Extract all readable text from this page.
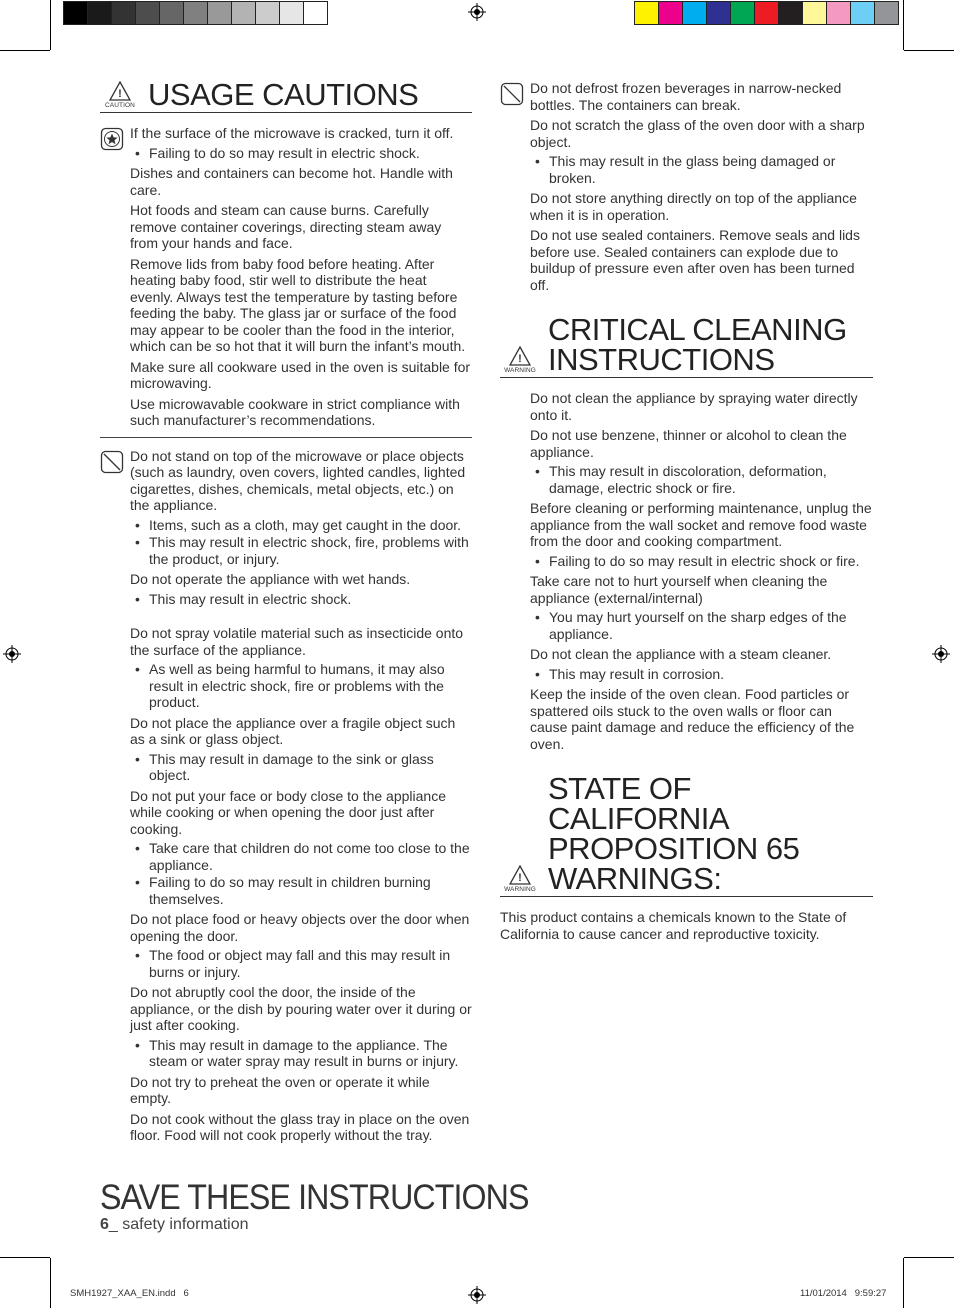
!
CAUTION USAGE CAUTIONS

If the surface of the microwave is cracked, turn it off.

• Failing to do so may result in electric shock.

Dishes and containers can become hot. Handle with care.

Hot foods and steam can cause burns. Carefully remove container coverings, directing steam away from your hands and face.

Remove lids from baby food before heating. After heating baby food, stir well to distribute the heat evenly. Always test the temperature by tasting before feeding the baby. The glass jar or surface of the food may appear to be cooler than the food in the interior, which can be so hot that it will burn the infant’s mouth.

Make sure all cookware used in the oven is suitable for microwaving.

Use microwavable cookware in strict compliance with such manufacturer’s recommendations.

Do not stand on top of the microwave or place objects (such as laundry, oven covers, lighted candles, lighted cigarettes, dishes, chemicals, metal objects, etc.) on the appliance.

• Items, such as a cloth, may get caught in the door.
• This may result in electric shock, fire, problems with the product, or injury.

Do not operate the appliance with wet hands.

• This may result in electric shock.

Do not spray volatile material such as insecticide onto the surface of the appliance.

• As well as being harmful to humans, it may also result in electric shock, fire or problems with the product.

Do not place the appliance over a fragile object such as a sink or glass object.

• This may result in damage to the sink or glass object.

Do not put your face or body close to the appliance while cooking or when opening the door just after cooking.

• Take care that children do not come too close to the appliance.
• Failing to do so may result in children burning themselves.

Do not place food or heavy objects over the door when opening the door.

• The food or object may fall and this may result in burns or injury.

Do not abruptly cool the door, the inside of the appliance, or the dish by pouring water over it during or just after cooking.

• This may result in damage to the appliance. The steam or water spray may result in burns or injury.

Do not try to preheat the oven or operate it while empty.

Do not cook without the glass tray in place on the oven floor. Food will not cook properly without the tray.

Do not defrost frozen beverages in narrow-necked bottles. The containers can break.

Do not scratch the glass of the oven door with a sharp object.

• This may result in the glass being damaged or broken.

Do not store anything directly on top of the appliance when it is in operation.

Do not use sealed containers. Remove seals and lids before use. Sealed containers can explode due to buildup of pressure even after oven has been turned off.

!
WARNING
CRITICAL CLEANING INSTRUCTIONS

Do not clean the appliance by spraying water directly onto it.

Do not use benzene, thinner or alcohol to clean the appliance.

• This may result in discoloration, deformation, damage, electric shock or fire.

Before cleaning or performing maintenance, unplug the appliance from the wall socket and remove food waste from the door and cooking compartment.

• Failing to do so may result in electric shock or fire.

Take care not to hurt yourself when cleaning the appliance (external/internal)

• You may hurt yourself on the sharp edges of the appliance.

Do not clean the appliance with a steam cleaner.

• This may result in corrosion.

Keep the inside of the oven clean. Food particles or spattered oils stuck to the oven walls or floor can cause paint damage and reduce the efficiency of the oven.

!
WARNING
STATE OF CALIFORNIA PROPOSITION 65 WARNINGS:

This product contains a chemicals known to the State of California to cause cancer and reproductive toxicity.

SAVE THESE INSTRUCTIONS
6_ safety information
SMH1927_XAA_EN.indd   6	11/01/2014   9:59:27
